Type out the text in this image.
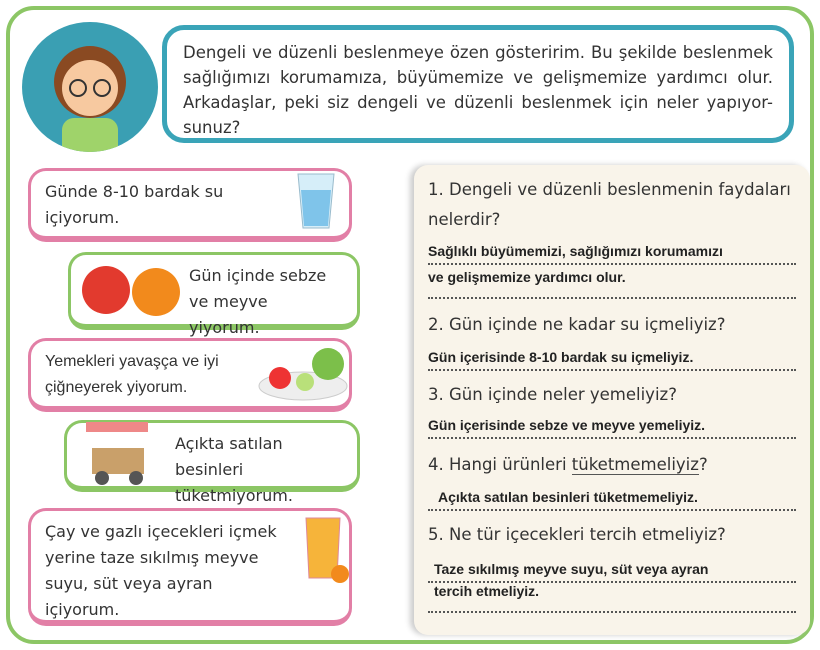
Dengeli ve düzenli beslenmeye özen gösteririm. Bu şekilde beslenmek sağlığımızı korumamıza, büyümemize ve gelişmemize yardımcı olur. Arkadaşlar, peki siz dengeli ve düzenli beslenmek için neler yapıyor-sunuz?
Günde 8-10 bardak su içiyorum.
Gün içinde sebze ve meyve yiyorum.
Yemekleri yavaşça ve iyi çiğneyerek yiyorum.
Açıkta satılan besinleri tüketmiyorum.
Çay ve gazlı içecekleri içmek yerine taze sıkılmış meyve suyu, süt veya ayran içiyorum.
1. Dengeli ve düzenli beslenmenin faydaları nelerdir?
Sağlıklı büyümemizi, sağlığımızı korumamızı
ve gelişmemize yardımcı olur.
2. Gün içinde ne kadar su içmeliyiz?
Gün içerisinde 8-10 bardak su içmeliyiz.
3. Gün içinde neler yemeliyiz?
Gün içerisinde sebze ve meyve yemeliyiz.
4. Hangi ürünleri tüketmemeliyiz?
Açıkta satılan besinleri tüketmemeliyiz.
5. Ne tür içecekleri tercih etmeliyiz?
Taze sıkılmış meyve suyu, süt veya ayran
tercih etmeliyiz.
